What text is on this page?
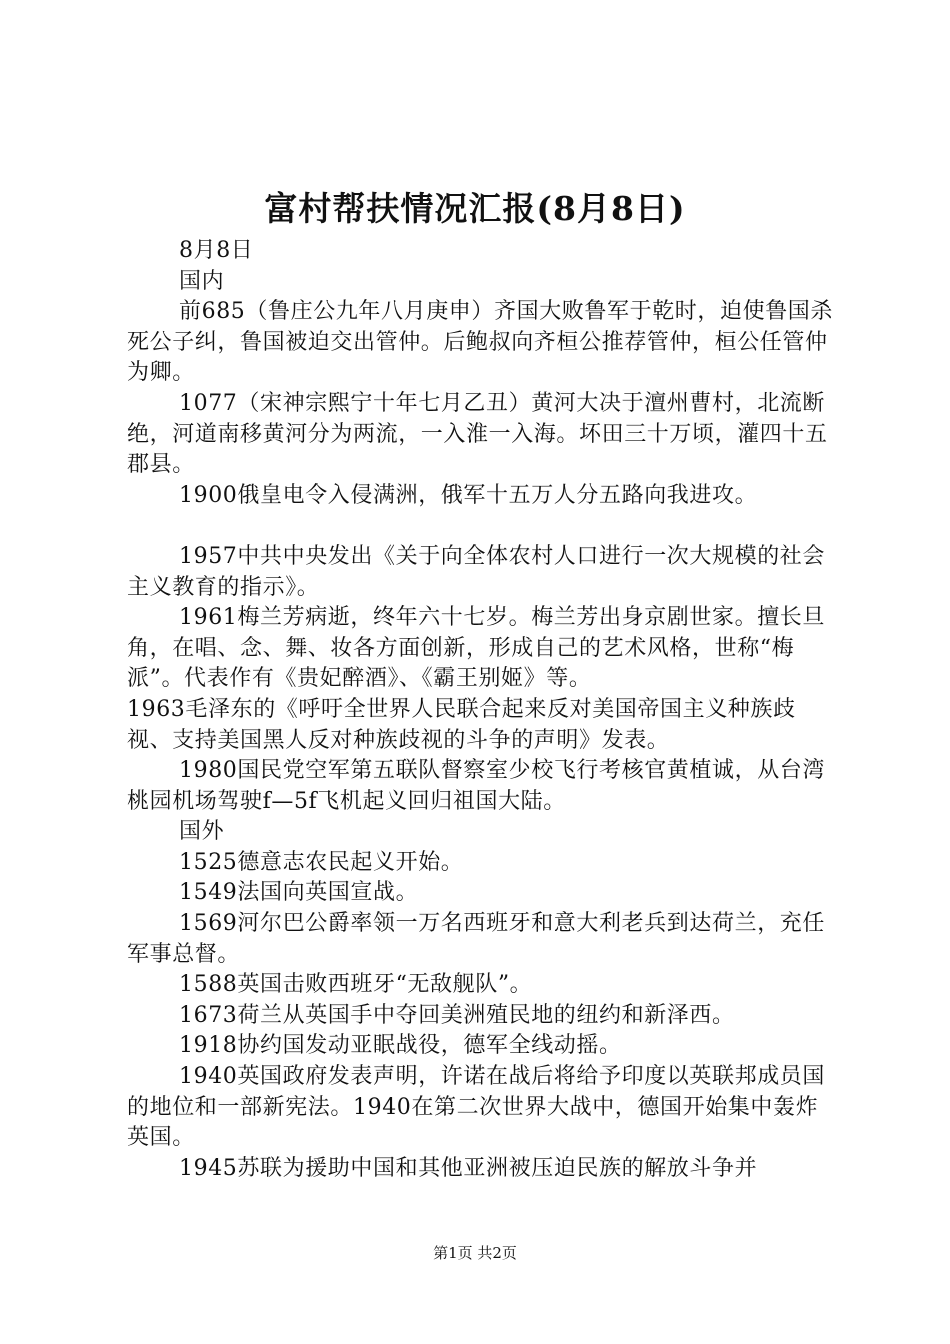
富村帮扶情况汇报(8月8日)

8月8日

国内

前685（鲁庄公九年八月庚申）齐国大败鲁军于乾时，迫使鲁国杀死公子纠，鲁国被迫交出管仲。后鲍叔向齐桓公推荐管仲，桓公任管仲为卿。

1077（宋神宗熙宁十年七月乙丑）黄河大决于澶州曹村，北流断绝，河道南移黄河分为两流，一入淮一入海。坏田三十万顷，灌四十五郡县。

1900俄皇电令入侵满洲，俄军十五万人分五路向我进攻。

1957中共中央发出《关于向全体农村人口进行一次大规模的社会主义教育的指示》。

1961梅兰芳病逝，终年六十七岁。梅兰芳出身京剧世家。擅长旦角，在唱、念、舞、妆各方面创新，形成自己的艺术风格，世称“梅派”。代表作有《贵妃醉酒》、《霸王别姬》等。

1963毛泽东的《呼吁全世界人民联合起来反对美国帝国主义种族歧视、支持美国黑人反对种族歧视的斗争的声明》发表。

1980国民党空军第五联队督察室少校飞行考核官黄植诚，从台湾桃园机场驾驶f—5f飞机起义回归祖国大陆。

国外

1525德意志农民起义开始。

1549法国向英国宣战。

1569河尔巴公爵率领一万名西班牙和意大利老兵到达荷兰，充任军事总督。

1588英国击败西班牙“无敌舰队”。

1673荷兰从英国手中夺回美洲殖民地的纽约和新泽西。

1918协约国发动亚眠战役，德军全线动摇。

1940英国政府发表声明，许诺在战后将给予印度以英联邦成员国的地位和一部新宪法。1940在第二次世界大战中，德国开始集中轰炸英国。

1945苏联为援助中国和其他亚洲被压迫民族的解放斗争并

第1页 共2页
